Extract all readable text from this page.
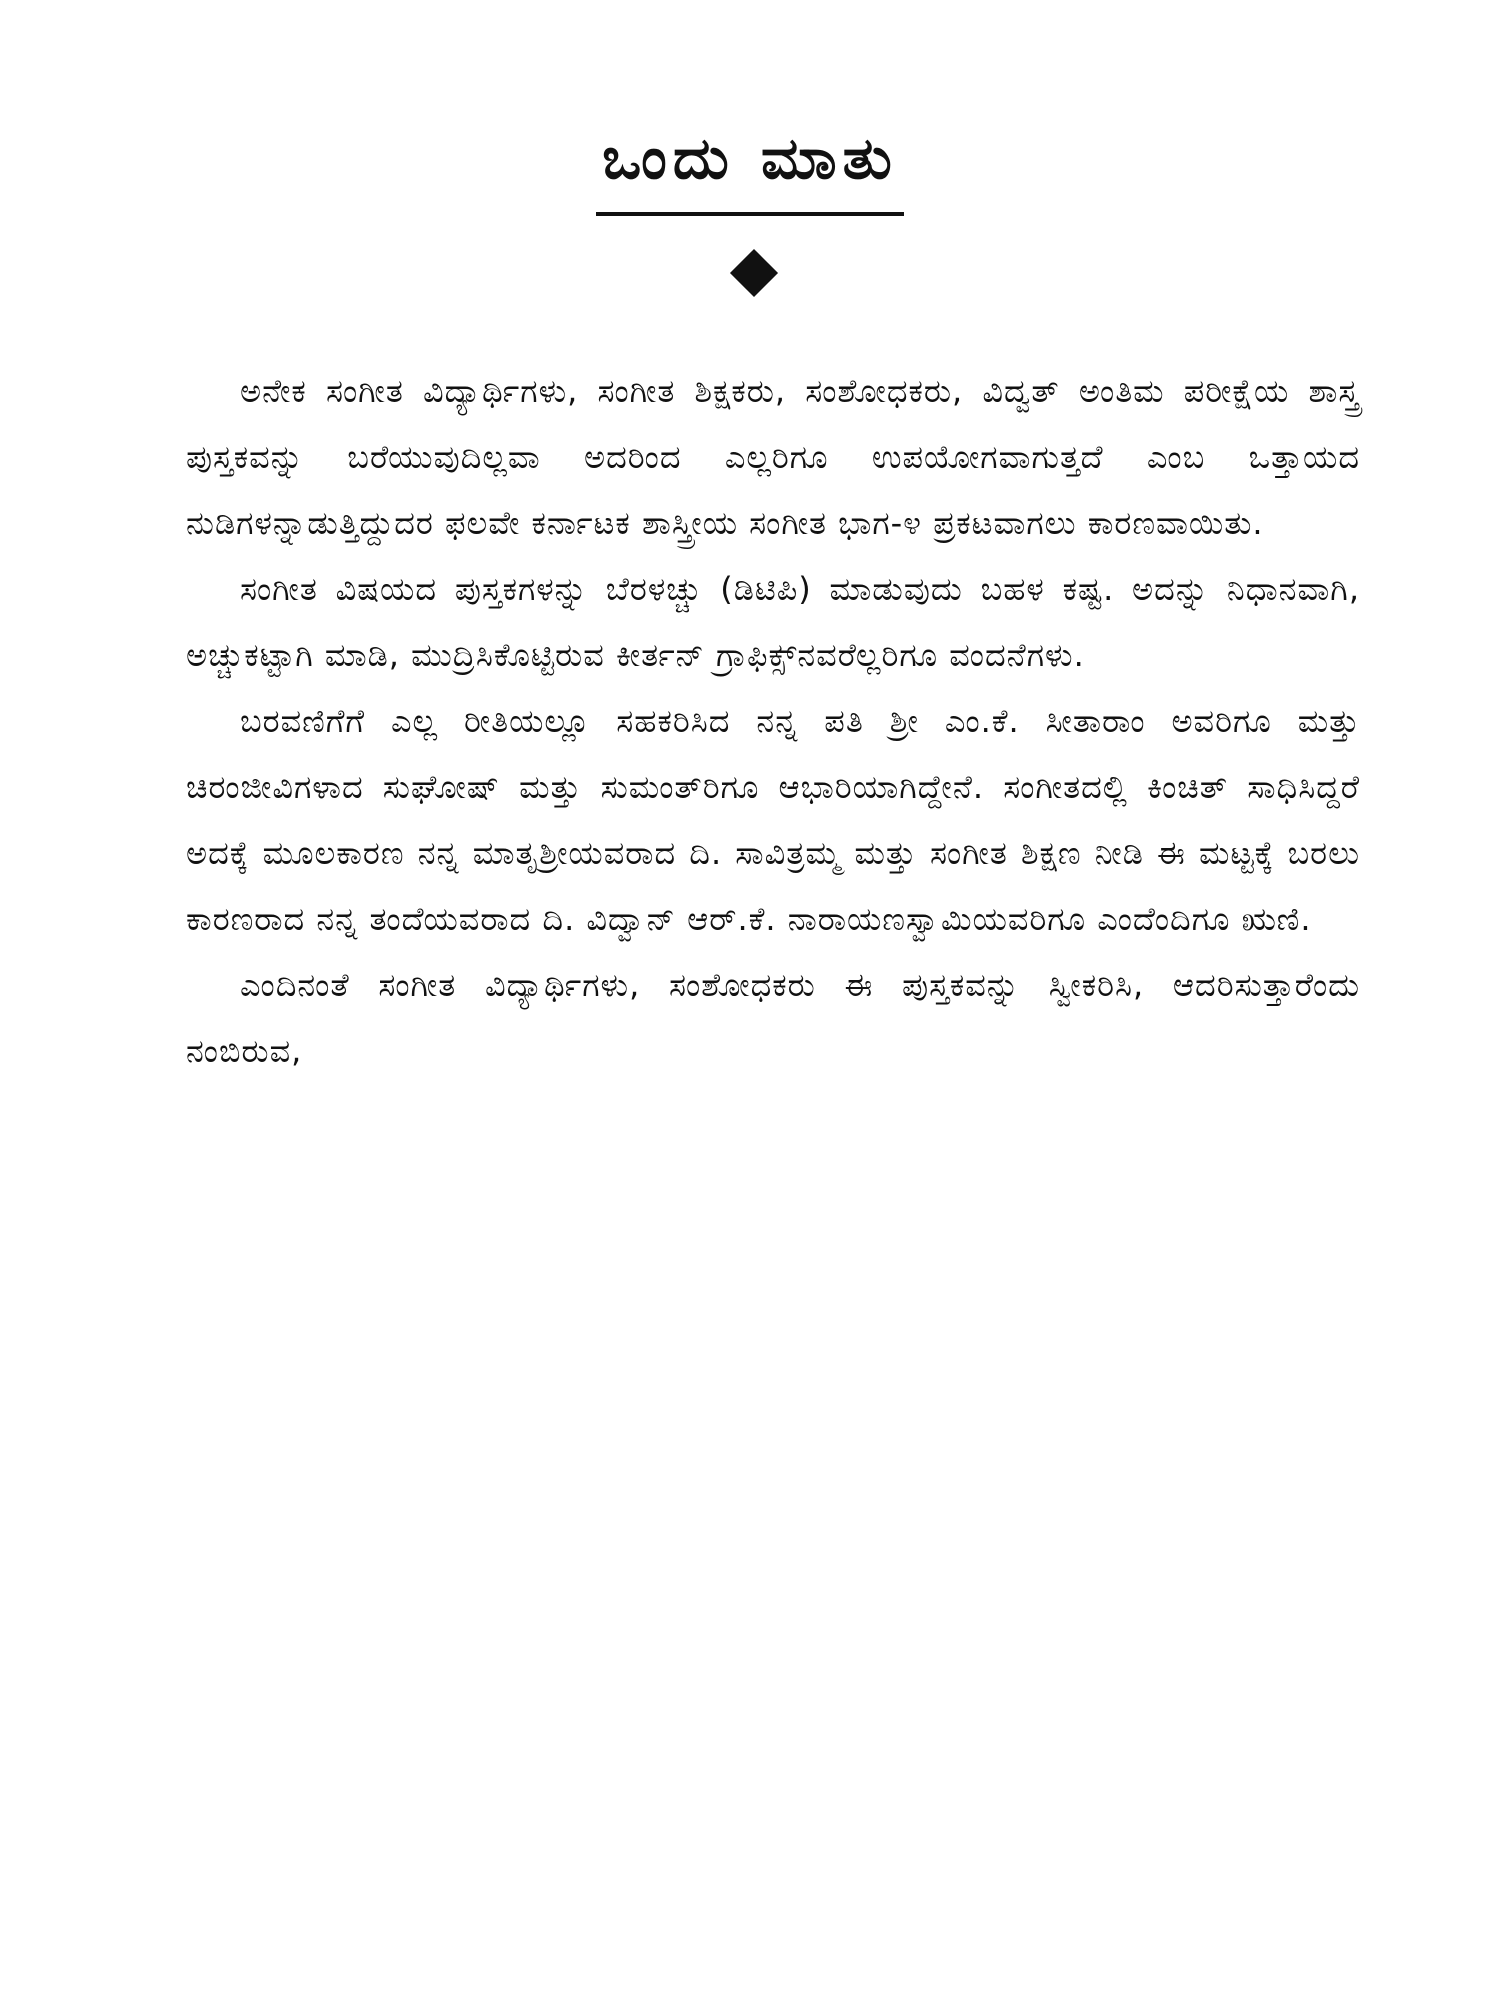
ಒಂದು ಮಾತು

ಅನೇಕ ಸಂಗೀತ ವಿದ್ಯಾರ್ಥಿಗಳು, ಸಂಗೀತ ಶಿಕ್ಷಕರು, ಸಂಶೋಧಕರು, ವಿದ್ವತ್ ಅಂತಿಮ ಪರೀಕ್ಷೆಯ ಶಾಸ್ತ್ರ ಪುಸ್ತಕವನ್ನು ಬರೆಯುವುದಿಲ್ಲವಾ ಅದರಿಂದ ಎಲ್ಲರಿಗೂ ಉಪಯೋಗವಾಗುತ್ತದೆ ಎಂಬ ಒತ್ತಾಯದ ನುಡಿಗಳನ್ನಾಡುತ್ತಿದ್ದುದರ ಫಲವೇ ಕರ್ನಾಟಕ ಶಾಸ್ತ್ರೀಯ ಸಂಗೀತ ಭಾಗ-೪ ಪ್ರಕಟವಾಗಲು ಕಾರಣವಾಯಿತು.

ಸಂಗೀತ ವಿಷಯದ ಪುಸ್ತಕಗಳನ್ನು ಬೆರಳಚ್ಚು (ಡಿಟಿಪಿ) ಮಾಡುವುದು ಬಹಳ ಕಷ್ಟ. ಅದನ್ನು ನಿಧಾನವಾಗಿ, ಅಚ್ಚುಕಟ್ಟಾಗಿ ಮಾಡಿ, ಮುದ್ರಿಸಿಕೊಟ್ಟಿರುವ ಕೀರ್ತನ್ ಗ್ರಾಫಿಕ್ಸ್‌ನವರೆಲ್ಲರಿಗೂ ವಂದನೆಗಳು.

ಬರವಣಿಗೆಗೆ ಎಲ್ಲ ರೀತಿಯಲ್ಲೂ ಸಹಕರಿಸಿದ ನನ್ನ ಪತಿ ಶ್ರೀ ಎಂ.ಕೆ. ಸೀತಾರಾಂ ಅವರಿಗೂ ಮತ್ತು ಚಿರಂಜೀವಿಗಳಾದ ಸುಘೋಷ್ ಮತ್ತು ಸುಮಂತ್‌ರಿಗೂ ಆಭಾರಿಯಾಗಿದ್ದೇನೆ. ಸಂಗೀತದಲ್ಲಿ ಕಿಂಚಿತ್ ಸಾಧಿಸಿದ್ದರೆ ಅದಕ್ಕೆ ಮೂಲಕಾರಣ ನನ್ನ ಮಾತೃಶ್ರೀಯವರಾದ ದಿ. ಸಾವಿತ್ರಮ್ಮ ಮತ್ತು ಸಂಗೀತ ಶಿಕ್ಷಣ ನೀಡಿ ಈ ಮಟ್ಟಕ್ಕೆ ಬರಲು ಕಾರಣರಾದ ನನ್ನ ತಂದೆಯವರಾದ ದಿ. ವಿದ್ವಾನ್ ಆರ್.ಕೆ. ನಾರಾಯಣಸ್ವಾಮಿಯವರಿಗೂ ಎಂದೆಂದಿಗೂ ಋಣಿ.

ಎಂದಿನಂತೆ ಸಂಗೀತ ವಿದ್ಯಾರ್ಥಿಗಳು, ಸಂಶೋಧಕರು ಈ ಪುಸ್ತಕವನ್ನು ಸ್ವೀಕರಿಸಿ, ಆದರಿಸುತ್ತಾರೆಂದು ನಂಬಿರುವ,
